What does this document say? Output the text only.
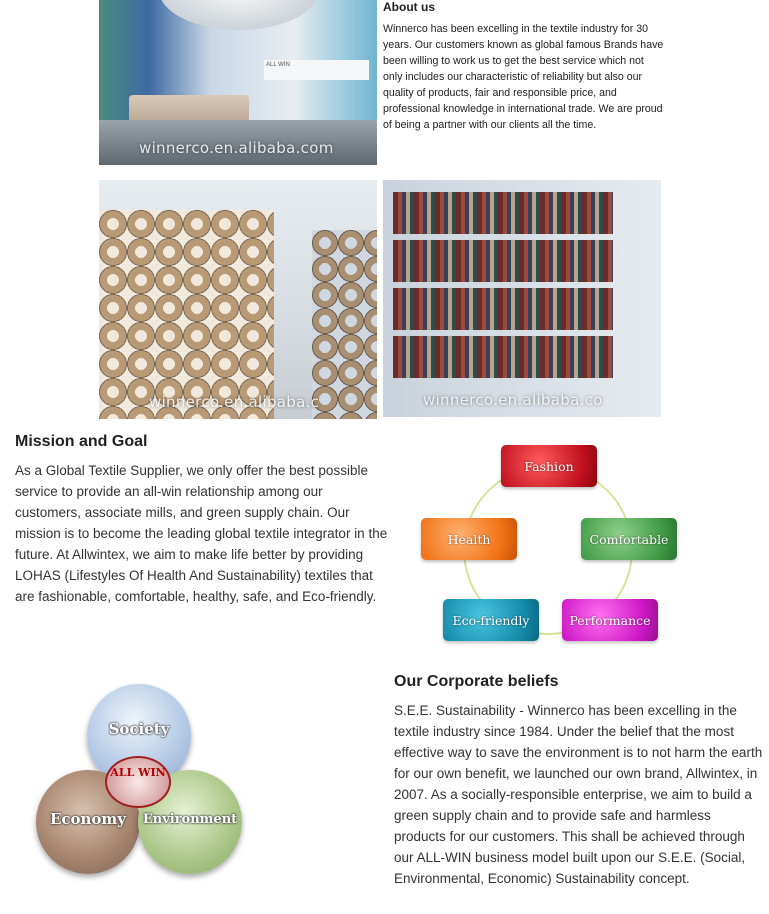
ALL WIN
winnerco.en.alibaba.com
About us

Winnerco has been excelling in the textile industry for 30 years. Our customers known as global famous Brands have been willing to work us to get the best service which not only includes our characteristic of reliability but also our quality of products, fair and responsible price, and professional knowledge in international trade. We are proud of being a partner with our clients all the time.

winnerco.en.alibaba.c	winnerco.en.alibaba.co
Mission and Goal

As a Global Textile Supplier, we only offer the best possible service to provide an all-win relationship among our customers, associate mills, and green supply chain. Our mission is to become the leading global textile integrator in the future. At Allwintex, we aim to make life better by providing LOHAS (Lifestyles Of Health And Sustainability) textiles that are fashionable, comfortable, healthy, safe, and Eco-friendly.

Fashion
Comfortable
Performance
Eco-friendly
Health
Society
Economy Environment
ALL WIN
Our Corporate beliefs

S.E.E. Sustainability - Winnerco has been excelling in the textile industry since 1984. Under the belief that the most effective way to save the environment is to not harm the earth for our own benefit, we launched our own brand, Allwintex, in 2007. As a socially-responsible enterprise, we aim to build a green supply chain and to provide safe and harmless products for our customers. This shall be achieved through our ALL-WIN business model built upon our S.E.E. (Social, Environmental, Economic) Sustainability concept.
